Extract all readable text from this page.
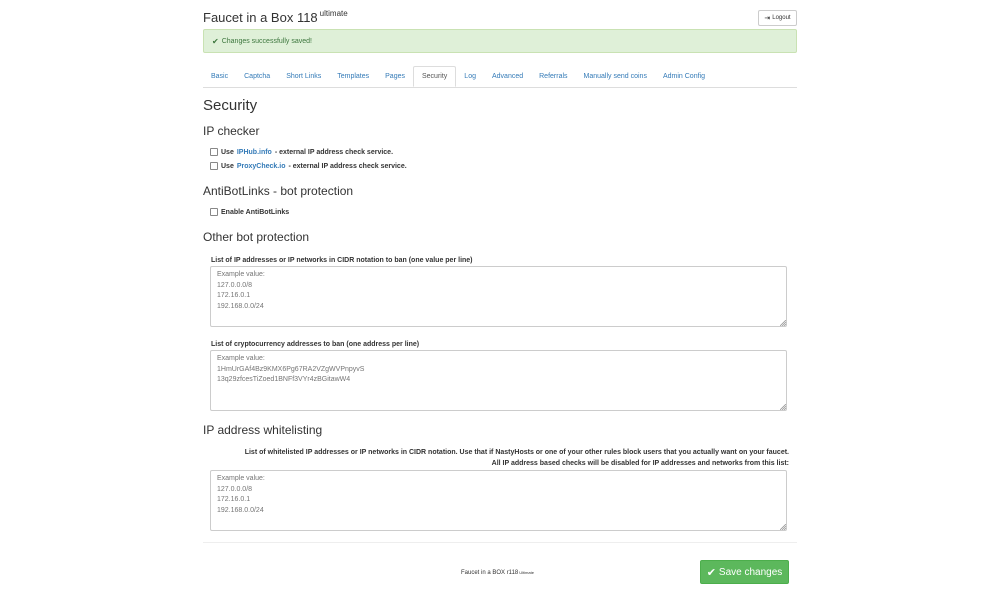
Faucet in a Box 118 $^{ultimate}$
⇥ Logout
✔ Changes successfully saved!
Basic	Captcha	Short Links	Templates	Pages	Security	Log	Advanced	Referrals	Manually send coins	Admin Config
Security
IP checker
Use IPHub.info - external IP address check service.
Use ProxyCheck.io - external IP address check service.
AntiBotLinks - bot protection
Enable AntiBotLinks
Other bot protection
List of IP addresses or IP networks in CIDR notation to ban (one value per line)
Example value: 127.0.0.0/8 172.16.0.1 192.168.0.0/24
List of cryptocurrency addresses to ban (one address per line)
Example value: 1HmUrGAf4Bz9KMX6Pg67RA2VZgWVPnpyvS 13q29zfcesTiZoed1BNFf3VYr4zBGitawW4
IP address whitelisting
List of whitelisted IP addresses or IP networks in CIDR notation. Use that if NastyHosts or one of your other rules block users that you actually want on your faucet.
All IP address based checks will be disabled for IP addresses and networks from this list:
Example value: 127.0.0.0/8 172.16.0.1 192.168.0.0/24
Faucet in a BOX $r118^{Ultimate}$	✔ Save changes
